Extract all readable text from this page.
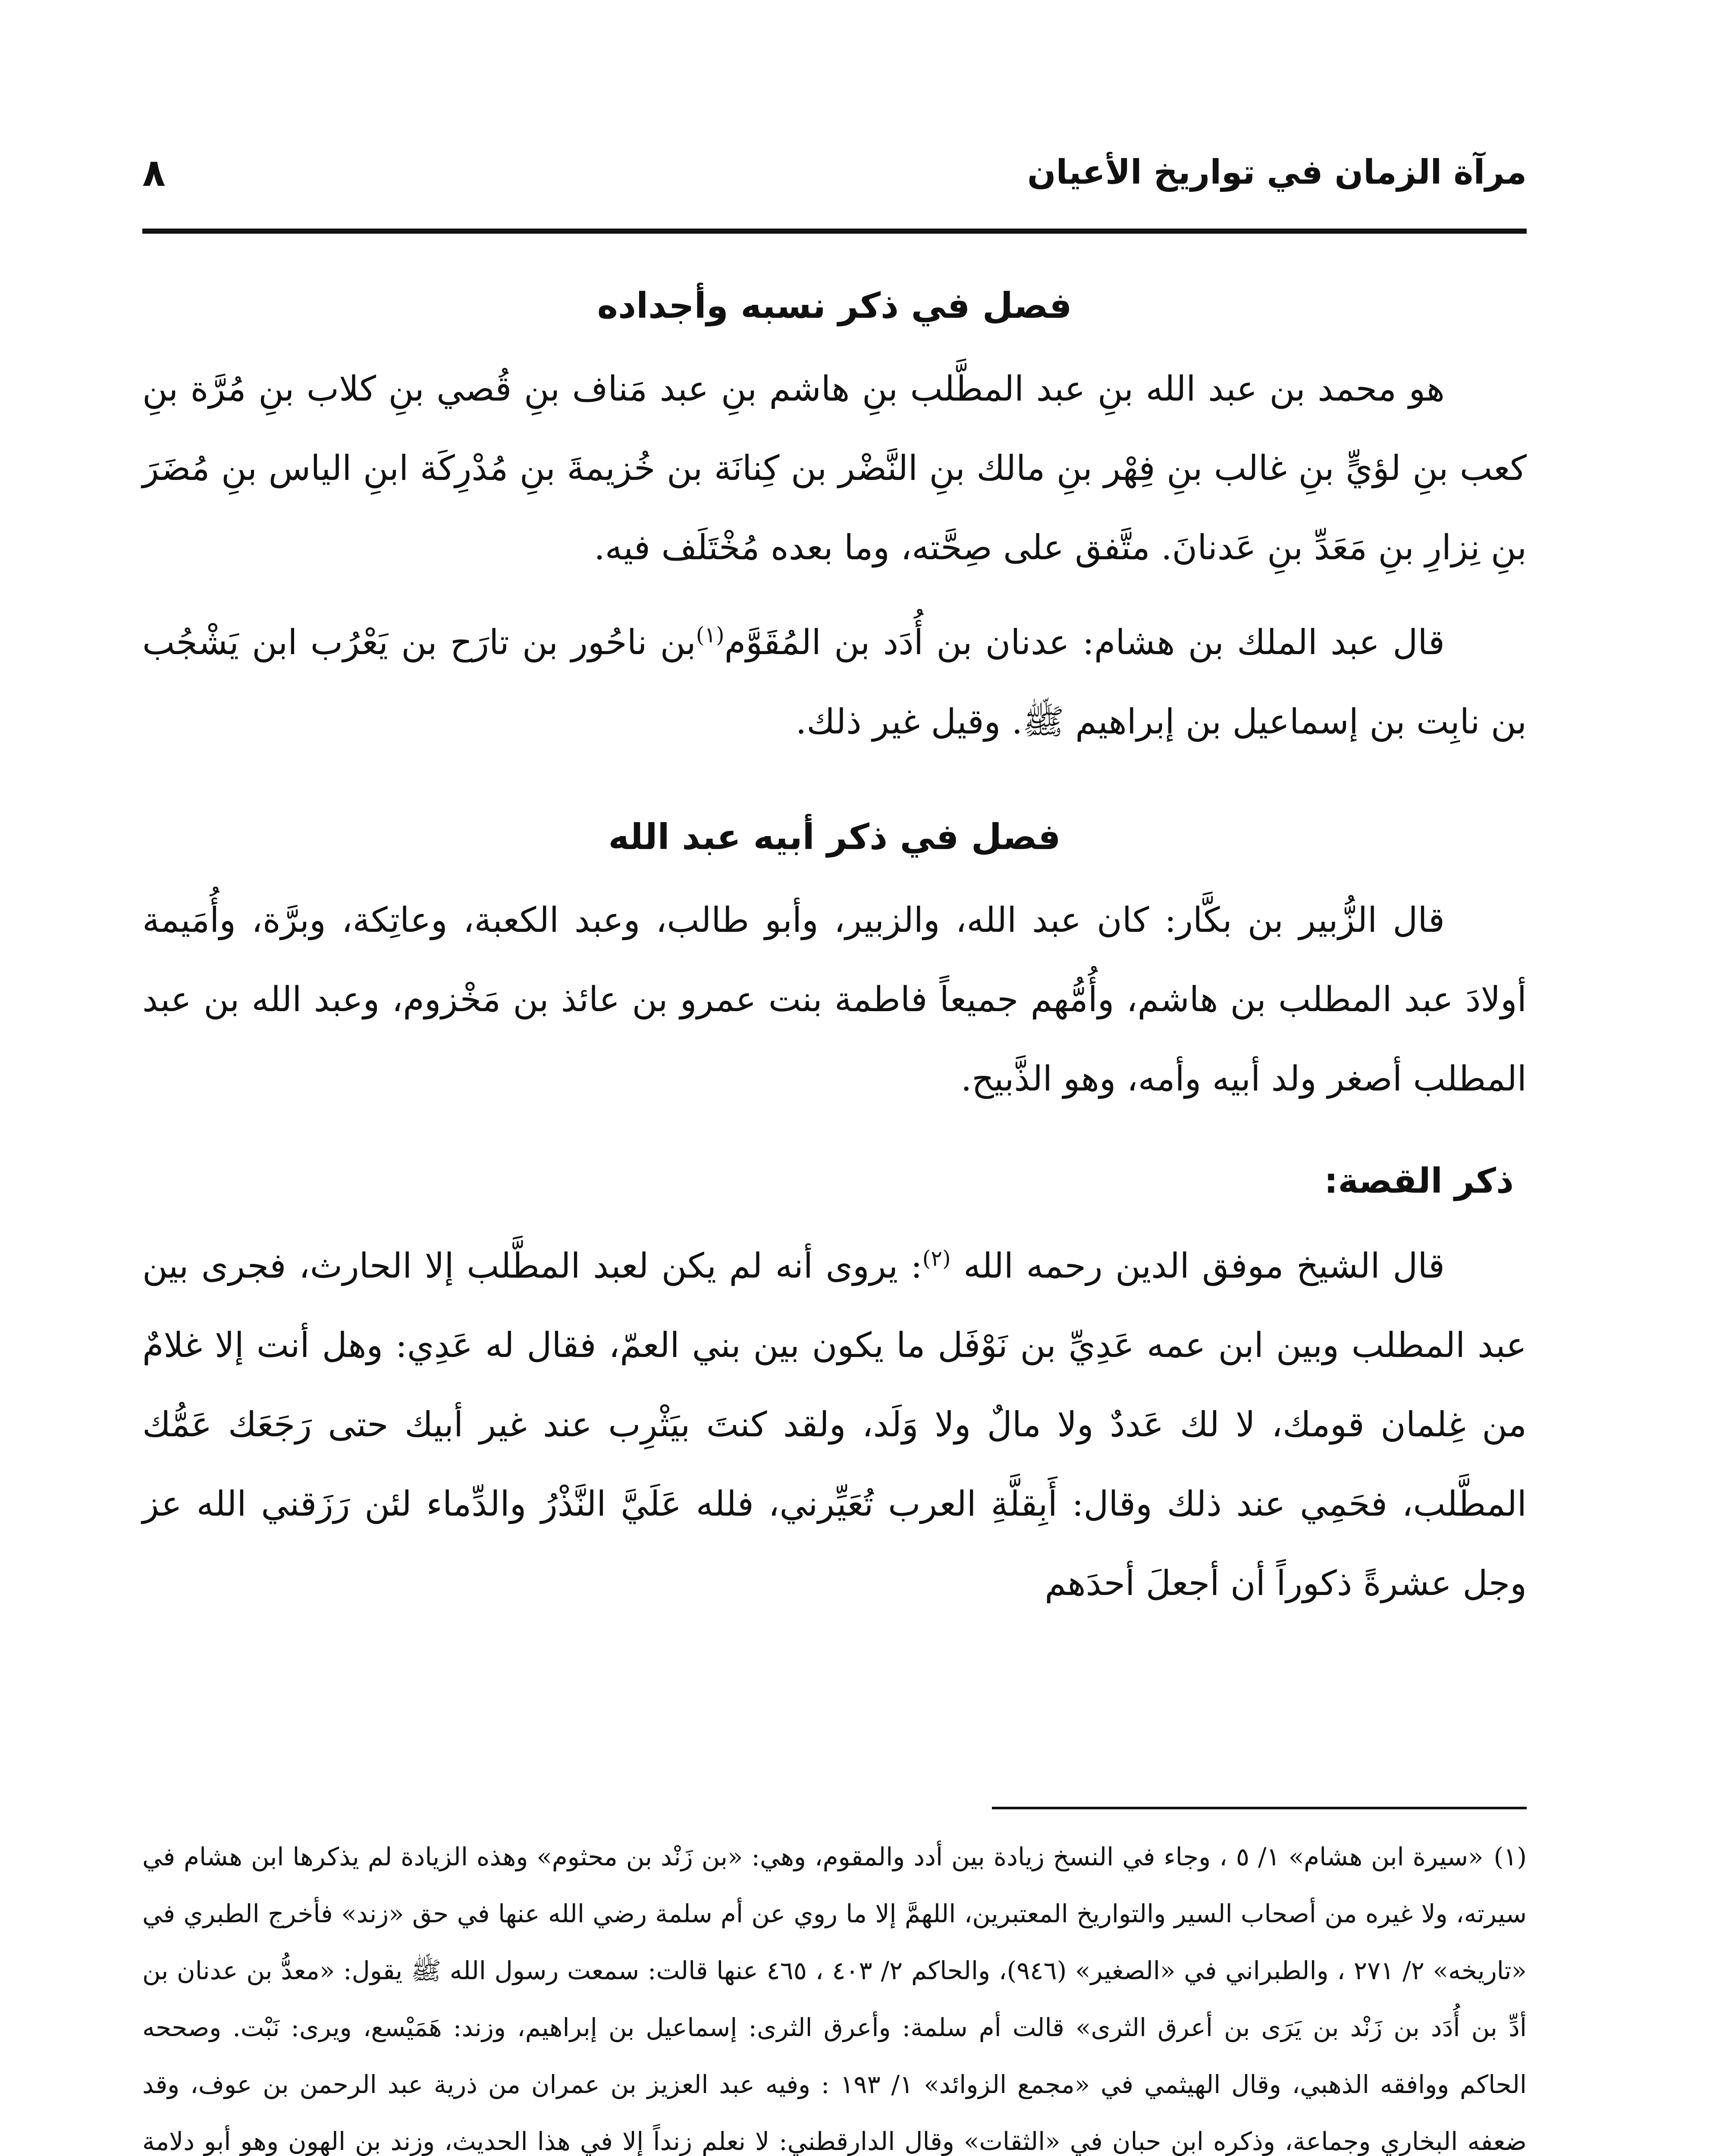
مرآة الزمان في تواريخ الأعيان
٨
فصل في ذكر نسبه وأجداده

هو محمد بن عبد الله بنِ عبد المطَّلب بنِ هاشم بنِ عبد مَناف بنِ قُصي بنِ كلاب بنِ مُرَّة بنِ كعب بنِ لؤيٍّ بنِ غالب بنِ فِهْر بنِ مالك بنِ النَّضْر بن كِنانَة بن خُزيمةَ بنِ مُدْرِكَة ابنِ الياس بنِ مُضَرَ بنِ نِزارِ بنِ مَعَدِّ بنِ عَدنانَ. متَّفق على صِحَّته، وما بعده مُخْتَلَف فيه.

قال عبد الملك بن هشام: عدنان بن أُدَد بن المُقَوَّم$^{(١)}$بن ناحُور بن تارَح بن يَعْرُب ابن يَشْجُب بن نابِت بن إسماعيل بن إبراهيم ﷺ. وقيل غير ذلك.

فصل في ذكر أبيه عبد الله

قال الزُّبير بن بكَّار: كان عبد الله، والزبير، وأبو طالب، وعبد الكعبة، وعاتِكة، وبرَّة، وأُمَيمة أولادَ عبد المطلب بن هاشم، وأُمُّهم جميعاً فاطمة بنت عمرو بن عائذ بن مَخْزوم، وعبد الله بن عبد المطلب أصغر ولد أبيه وأمه، وهو الذَّبيح.

ذكر القصة:

قال الشيخ موفق الدين رحمه الله $^{(٢)}$: يروى أنه لم يكن لعبد المطَّلب إلا الحارث، فجرى بين عبد المطلب وبين ابن عمه عَدِيِّ بن نَوْفَل ما يكون بين بني العمّ، فقال له عَدِي: وهل أنت إلا غلامٌ من غِلمان قومك، لا لك عَددٌ ولا مالٌ ولا وَلَد، ولقد كنتَ بيَثْرِب عند غير أبيك حتى رَجَعَك عَمُّك المطَّلب، فحَمِي عند ذلك وقال: أَبِقلَّةِ العرب تُعَيِّرني، فلله عَلَيَّ النَّذْرُ والدِّماء لئن رَزَقني الله عز وجل عشرةً ذكوراً أن أجعلَ أحدَهم

(١)«سيرة ابن هشام» ١/ ٥ ، وجاء في النسخ زيادة بين أدد والمقوم، وهي: «بن زَنْد بن محثوم» وهذه الزيادة لم يذكرها ابن هشام في سيرته، ولا غيره من أصحاب السير والتواريخ المعتبرين، اللهمَّ إلا ما روي عن أم سلمة رضي الله عنها في حق «زند» فأخرج الطبري في «تاريخه» ٢/ ٢٧١ ، والطبراني في «الصغير» (٩٤٦)، والحاكم ٢/ ٤٠٣ ، ٤٦٥ عنها قالت: سمعت رسول الله ﷺ يقول: «معدُّ بن عدنان بن أدِّ بن أُدَد بن زَنْد بن يَرَى بن أعرق الثرى» قالت أم سلمة: وأعرق الثرى: إسماعيل بن إبراهيم، وزند: هَمَيْسع، ويرى: نَبْت. وصححه الحاكم ووافقه الذهبي، وقال الهيثمي في «مجمع الزوائد» ١/ ١٩٣ : وفيه عبد العزيز بن عمران من ذرية عبد الرحمن بن عوف، وقد ضعفه البخاري وجماعة، وذكره ابن حبان في «الثقات» وقال الدارقطني: لا نعلم زنداً إلا في هذا الحديث، وزند بن الهون وهو أبو دلامة
